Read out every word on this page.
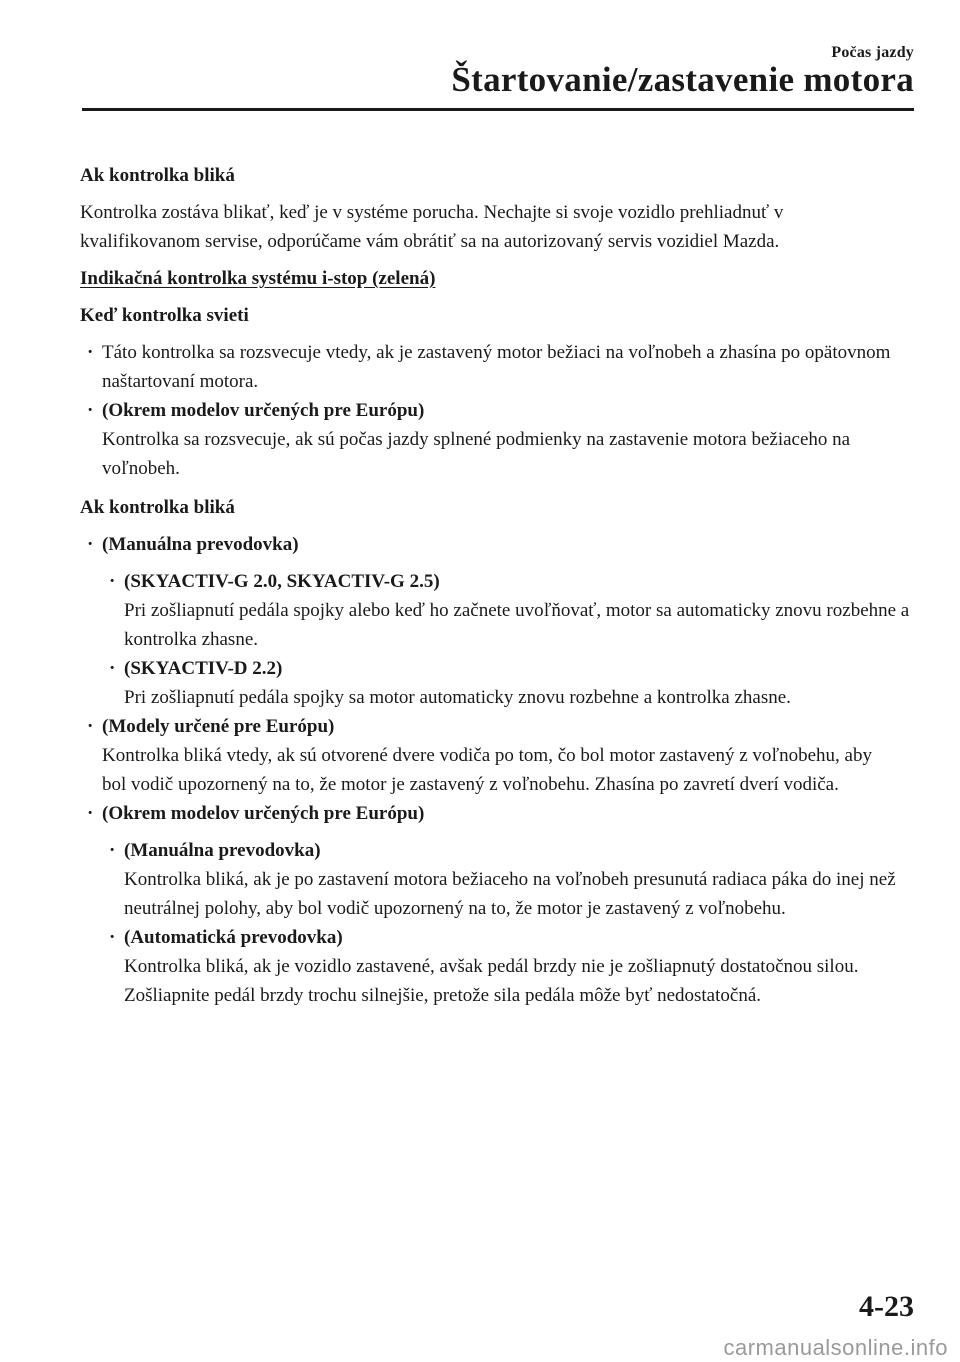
Počas jazdy
Štartovanie/zastavenie motora

Ak kontrolka bliká

Kontrolka zostáva blikať, keď je v systéme porucha. Nechajte si svoje vozidlo prehliadnuť v kvalifikovanom servise, odporúčame vám obrátiť sa na autorizovaný servis vozidiel Mazda.

Indikačná kontrolka systému i-stop (zelená)

Keď kontrolka svieti

· Táto kontrolka sa rozsvecuje vtedy, ak je zastavený motor bežiaci na voľnobeh a zhasína po opätovnom naštartovaní motora.

· (Okrem modelov určených pre Európu)

Kontrolka sa rozsvecuje, ak sú počas jazdy splnené podmienky na zastavenie motora bežiaceho na voľnobeh.

Ak kontrolka bliká

· (Manuálna prevodovka)

· (SKYACTIV-G 2.0, SKYACTIV-G 2.5)

Pri zošliapnutí pedála spojky alebo keď ho začnete uvoľňovať, motor sa automaticky znovu rozbehne a kontrolka zhasne.

· (SKYACTIV-D 2.2)

Pri zošliapnutí pedála spojky sa motor automaticky znovu rozbehne a kontrolka zhasne.

· (Modely určené pre Európu)

Kontrolka bliká vtedy, ak sú otvorené dvere vodiča po tom, čo bol motor zastavený z voľnobehu, aby bol vodič upozornený na to, že motor je zastavený z voľnobehu. Zhasína po zavretí dverí vodiča.

· (Okrem modelov určených pre Európu)

· (Manuálna prevodovka)

Kontrolka bliká, ak je po zastavení motora bežiaceho na voľnobeh presunutá radiaca páka do inej než neutrálnej polohy, aby bol vodič upozornený na to, že motor je zastavený z voľnobehu.

· (Automatická prevodovka)

Kontrolka bliká, ak je vozidlo zastavené, avšak pedál brzdy nie je zošliapnutý dostatočnou silou. Zošliapnite pedál brzdy trochu silnejšie, pretože sila pedála môže byť nedostatočná.

4-23
carmanualsonline.info
